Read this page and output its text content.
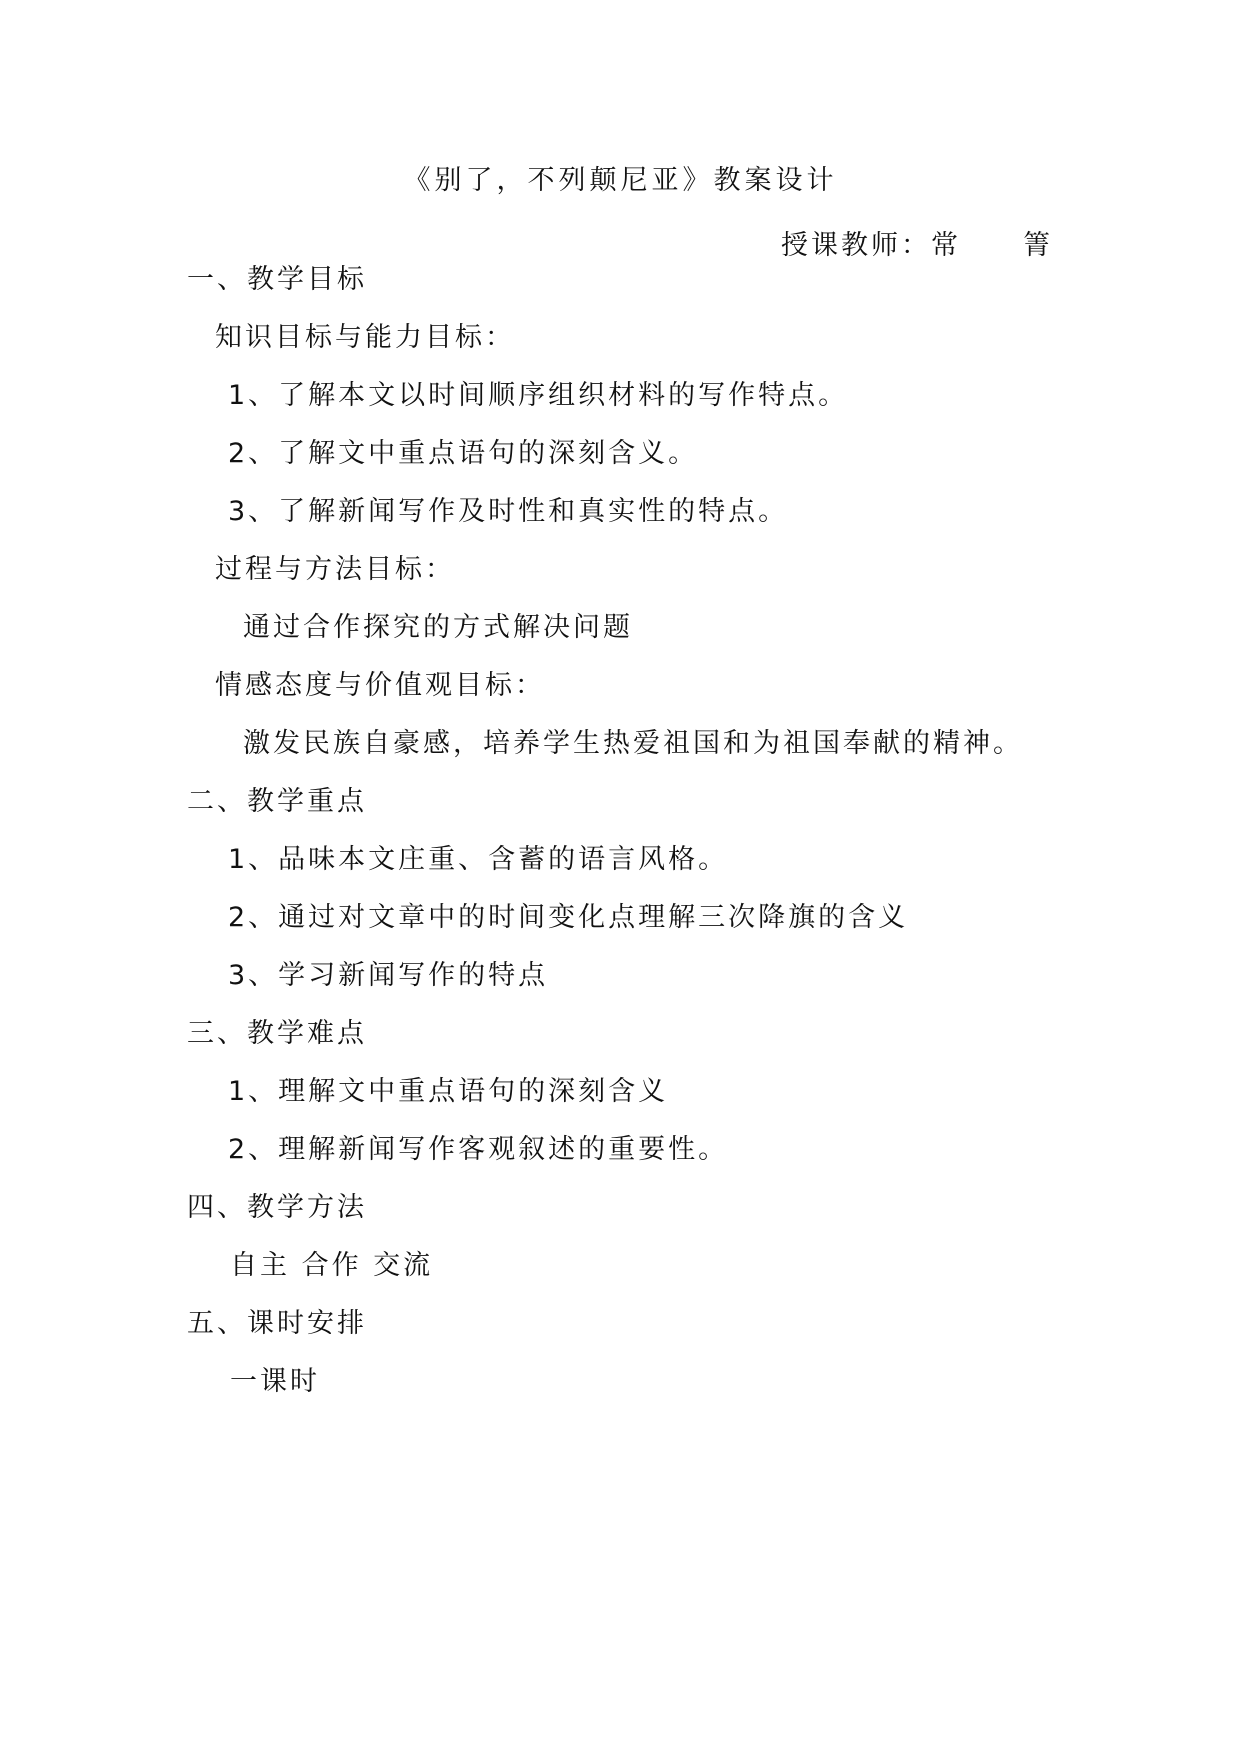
《别了，不列颠尼亚》教案设计
授课教师：常 箐
一、教学目标
知识目标与能力目标：
1、了解本文以时间顺序组织材料的写作特点。
2、了解文中重点语句的深刻含义。
3、了解新闻写作及时性和真实性的特点。
过程与方法目标：
通过合作探究的方式解决问题
情感态度与价值观目标：
激发民族自豪感，培养学生热爱祖国和为祖国奉献的精神。
二、教学重点
1、品味本文庄重、含蓄的语言风格。
2、通过对文章中的时间变化点理解三次降旗的含义
3、学习新闻写作的特点
三、教学难点
1、理解文中重点语句的深刻含义
2、理解新闻写作客观叙述的重要性。
四、教学方法
自主 合作 交流
五、课时安排
一课时
